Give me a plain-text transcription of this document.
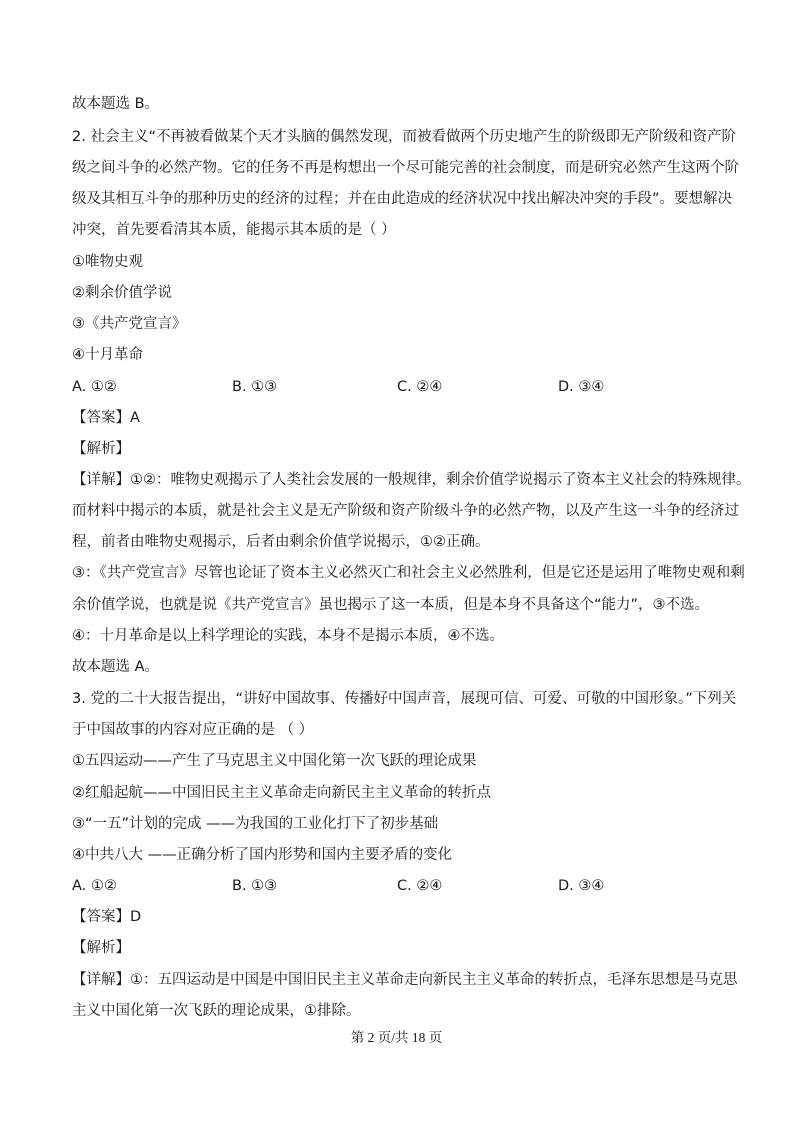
故本题选 B。
2. 社会主义“不再被看做某个天才头脑的偶然发现，而被看做两个历史地产生的阶级即无产阶级和资产阶
级之间斗争的必然产物。它的任务不再是构想出一个尽可能完善的社会制度，而是研究必然产生这两个阶
级及其相互斗争的那种历史的经济的过程；并在由此造成的经济状况中找出解决冲突的手段”。要想解决
冲突，首先要看清其本质，能揭示其本质的是（ ）
①唯物史观
②剩余价值学说
③《共产党宣言》
④十月革命
A. ①②	B. ①③	C. ②④	D. ③④
【答案】A
【解析】
【详解】①②：唯物史观揭示了人类社会发展的一般规律，剩余价值学说揭示了资本主义社会的特殊规律。
而材料中揭示的本质，就是社会主义是无产阶级和资产阶级斗争的必然产物，以及产生这一斗争的经济过
程，前者由唯物史观揭示，后者由剩余价值学说揭示，①②正确。
③：《共产党宣言》尽管也论证了资本主义必然灭亡和社会主义必然胜利，但是它还是运用了唯物史观和剩
余价值学说，也就是说《共产党宣言》虽也揭示了这一本质，但是本身不具备这个“能力”，③不选。
④：十月革命是以上科学理论的实践，本身不是揭示本质，④不选。
故本题选 A。
3. 党的二十大报告提出，“讲好中国故事、传播好中国声音，展现可信、可爱、可敬的中国形象。”下列关
于中国故事的内容对应正确的是 （ ）
①五四运动——产生了马克思主义中国化第一次飞跃的理论成果
②红船起航——中国旧民主主义革命走向新民主主义革命的转折点
③“一五”计划的完成 ——为我国的工业化打下了初步基础
④中共八大 ——正确分析了国内形势和国内主要矛盾的变化
A. ①②	B. ①③	C. ②④	D. ③④
【答案】D
【解析】
【详解】①：五四运动是中国是中国旧民主主义革命走向新民主主义革命的转折点，毛泽东思想是马克思
主义中国化第一次飞跃的理论成果，①排除。
第 2 页/共 18 页
